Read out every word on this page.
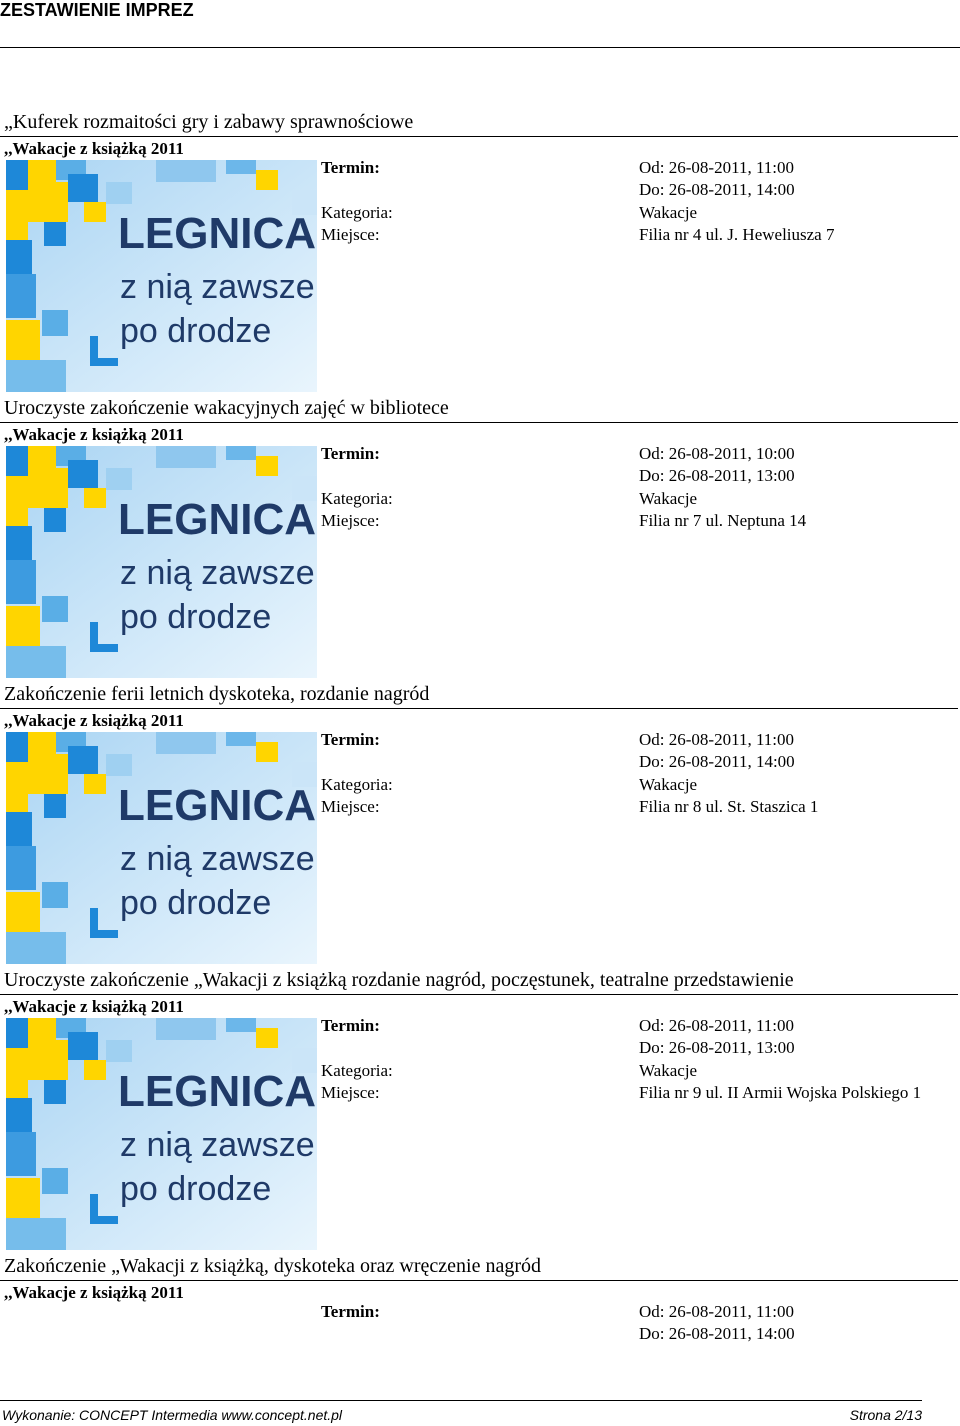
ZESTAWIENIE IMPREZ
„Kuferek rozmaitości gry i zabawy sprawnościowe
,,Wakacje z książką 2011
LEGNICA
z nią zawsze
po drodze
Termin:	Od: 26-08-2011, 11:00
Do: 26-08-2011, 14:00
Kategoria:	Wakacje
Miejsce:	Filia nr 4 ul. J. Heweliusza 7
Uroczyste zakończenie wakacyjnych zajęć w bibliotece
,,Wakacje z książką 2011
LEGNICA
z nią zawsze
po drodze
Termin:	Od: 26-08-2011, 10:00
Do: 26-08-2011, 13:00
Kategoria:	Wakacje
Miejsce:	Filia nr 7 ul. Neptuna 14
Zakończenie ferii letnich dyskoteka, rozdanie nagród
,,Wakacje z książką 2011
LEGNICA
z nią zawsze
po drodze
Termin:	Od: 26-08-2011, 11:00
Do: 26-08-2011, 14:00
Kategoria:	Wakacje
Miejsce:	Filia nr 8 ul. St. Staszica 1
Uroczyste zakończenie „Wakacji z książką rozdanie nagród, poczęstunek, teatralne przedstawienie
,,Wakacje z książką 2011
LEGNICA
z nią zawsze
po drodze
Termin:	Od: 26-08-2011, 11:00
Do: 26-08-2011, 13:00
Kategoria:	Wakacje
Miejsce:	Filia nr 9 ul. II Armii Wojska Polskiego 1
Zakończenie „Wakacji z książką, dyskoteka oraz wręczenie nagród
,,Wakacje z książką 2011
Termin:	Od: 26-08-2011, 11:00
Do: 26-08-2011, 14:00
Wykonanie: CONCEPT Intermedia www.concept.net.pl	Strona 2/13
